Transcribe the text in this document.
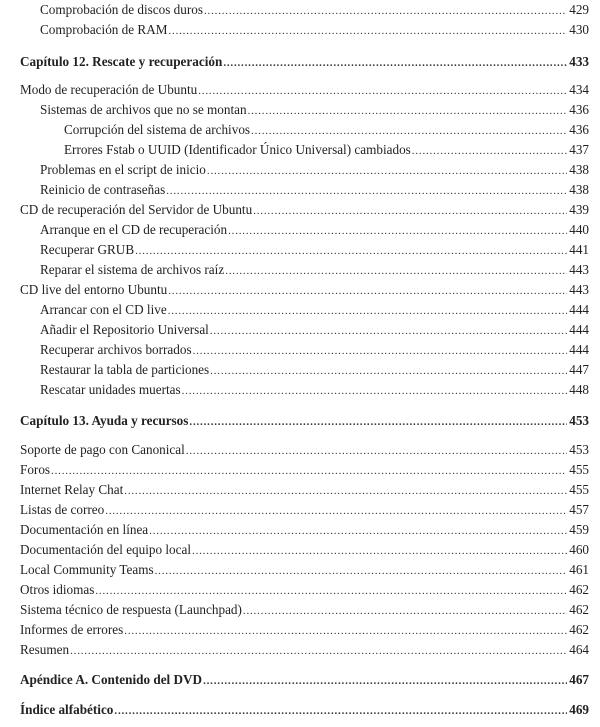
Comprobación de discos duros .....	429
Comprobación de RAM .....	430
Capítulo 12. Rescate y recuperación .....	433
Modo de recuperación de Ubuntu .....	434
Sistemas de archivos que no se montan .....	436
Corrupción del sistema de archivos .....	436
Errores Fstab o UUID (Identificador Único Universal) cambiados .....	437
Problemas en el script de inicio .....	438
Reinicio de contraseñas .....	438
CD de recuperación del Servidor de Ubuntu .....	439
Arranque en el CD de recuperación .....	440
Recuperar GRUB .....	441
Reparar el sistema de archivos raíz .....	443
CD live del entorno Ubuntu .....	443
Arrancar con el CD live .....	444
Añadir el Repositorio Universal .....	444
Recuperar archivos borrados .....	444
Restaurar la tabla de particiones .....	447
Rescatar unidades muertas .....	448
Capítulo 13. Ayuda y recursos .....	453
Soporte de pago con Canonical .....	453
Foros .....	455
Internet Relay Chat .....	455
Listas de correo .....	457
Documentación en línea .....	459
Documentación del equipo local .....	460
Local Community Teams .....	461
Otros idiomas .....	462
Sistema técnico de respuesta (Launchpad) .....	462
Informes de errores .....	462
Resumen .....	464
Apéndice A. Contenido del DVD .....	467
Índice alfabético .....	469
